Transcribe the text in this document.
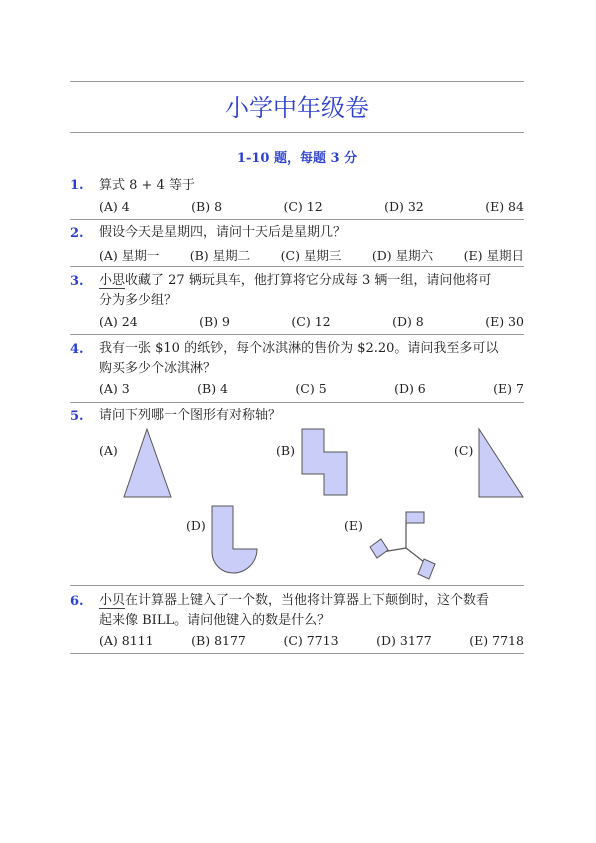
小学中年级卷
1-10 题，每题 3 分
1. 算式 8 + 4 等于
(A) 4	(B) 8	(C) 12	(D) 32	(E) 84
2. 假设今天是星期四，请问十天后是星期几？
(A) 星期一 (B) 星期二 (C) 星期三 (D) 星期六 (E) 星期日
3. 小思收藏了 27 辆玩具车，他打算将它分成每 3 辆一组，请问他将可
分为多少组？
(A) 24	(B) 9	(C) 12	(D) 8	(E) 30
4. 我有一张 $10 的纸钞，每个冰淇淋的售价为 $2.20。请问我至多可以
购买多少个冰淇淋？
(A) 3	(B) 4	(C) 5	(D) 6	(E) 7
5. 请问下列哪一个图形有对称轴？
(A)	(B)	(C)
(D)	(E)
6. 小贝在计算器上键入了一个数，当他将计算器上下颠倒时，这个数看
起来像 BILL。请问他键入的数是什么？
(A) 8111	(B) 8177	(C) 7713	(D) 3177	(E) 7718
